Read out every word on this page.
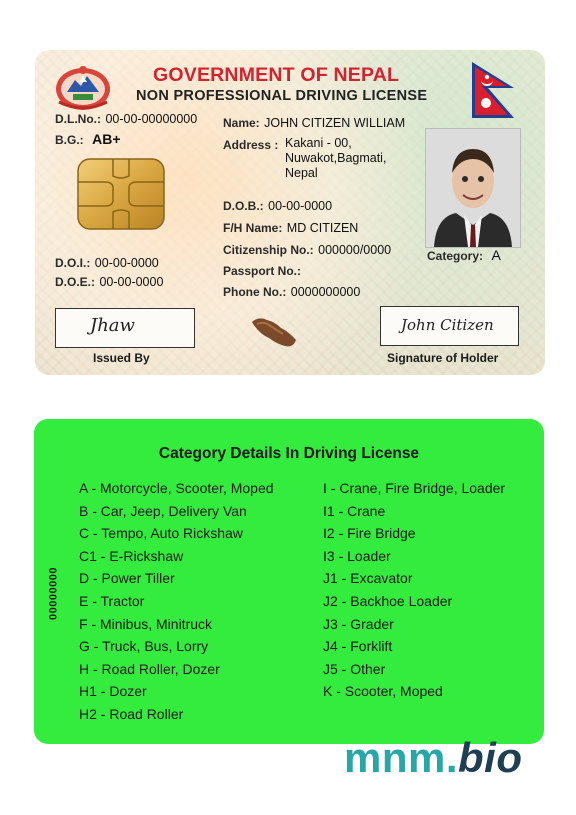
GOVERNMENT OF NEPAL
NON PROFESSIONAL DRIVING LICENSE
D.L.No.: 00-00-00000000
B.G.: AB+
D.O.I.: 00-00-0000
D.O.E.: 00-00-0000
Name: JOHN CITIZEN WILLIAM
Address : Kakani - 00,
Nuwakot,Bagmati,
Nepal
D.O.B.: 00-00-0000
F/H Name: MD CITIZEN
Citizenship No.: 000000/0000
Passport No.:
Phone No.: 0000000000
Category: A
Jhaw	John Citizen
Issued By	Signature of Holder
Category Details In Driving License
00000000
A - Motorcycle, Scooter, Moped
B - Car, Jeep, Delivery Van
C - Tempo, Auto Rickshaw
C1 - E-Rickshaw
D - Power Tiller
E - Tractor
F - Minibus, Minitruck
G - Truck, Bus, Lorry
H - Road Roller, Dozer
H1 - Dozer
H2 - Road Roller
I - Crane, Fire Bridge, Loader
I1 - Crane
I2 - Fire Bridge
I3 - Loader
J1 - Excavator
J2 - Backhoe Loader
J3 - Grader
J4 - Forklift
J5 - Other
K - Scooter, Moped
mnm.bio
